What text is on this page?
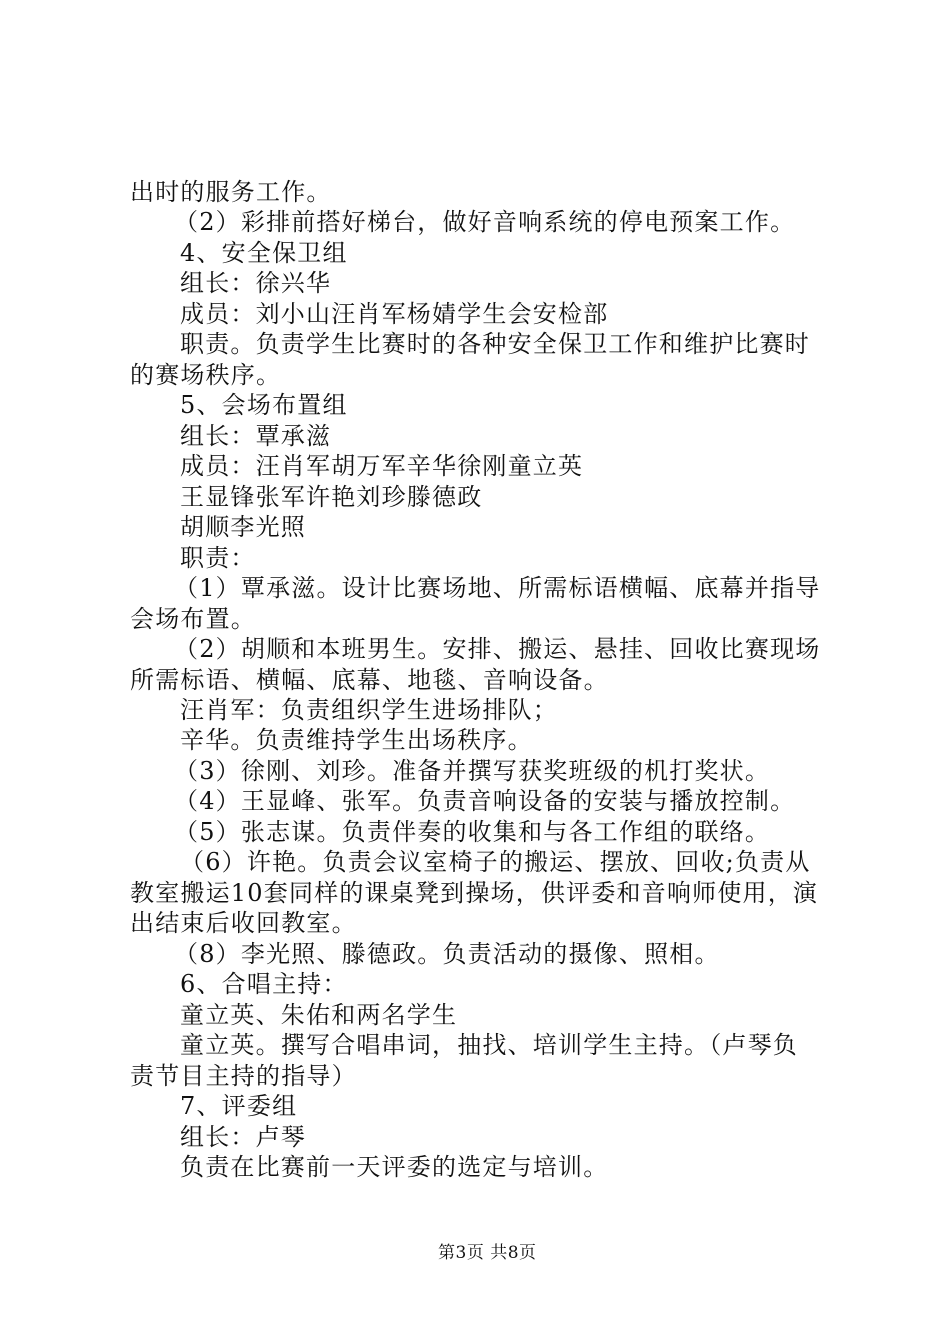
出时的服务工作。

（2）彩排前搭好梯台，做好音响系统的停电预案工作。

4、安全保卫组

组长：徐兴华

成员：刘小山汪肖军杨婧学生会安检部

职责。负责学生比赛时的各种安全保卫工作和维护比赛时

的赛场秩序。

5、会场布置组

组长：覃承滋

成员：汪肖军胡万军辛华徐刚童立英

王显锋张军许艳刘珍滕德政

胡顺李光照

职责：

（1）覃承滋。设计比赛场地、所需标语横幅、底幕并指导

会场布置。

（2）胡顺和本班男生。安排、搬运、悬挂、回收比赛现场

所需标语、横幅、底幕、地毯、音响设备。

汪肖军：负责组织学生进场排队；

辛华。负责维持学生出场秩序。

（3）徐刚、刘珍。准备并撰写获奖班级的机打奖状。

（4）王显峰、张军。负责音响设备的安装与播放控制。

（5）张志谋。负责伴奏的收集和与各工作组的联络。

（6）许艳。负责会议室椅子的搬运、摆放、回收;负责从

教室搬运10套同样的课桌凳到操场，供评委和音响师使用，演

出结束后收回教室。

（8）李光照、滕德政。负责活动的摄像、照相。

6、合唱主持：

童立英、朱佑和两名学生

童立英。撰写合唱串词，抽找、培训学生主持。（卢琴负

责节目主持的指导）

7、评委组

组长：卢琴

负责在比赛前一天评委的选定与培训。

第3页 共8页
